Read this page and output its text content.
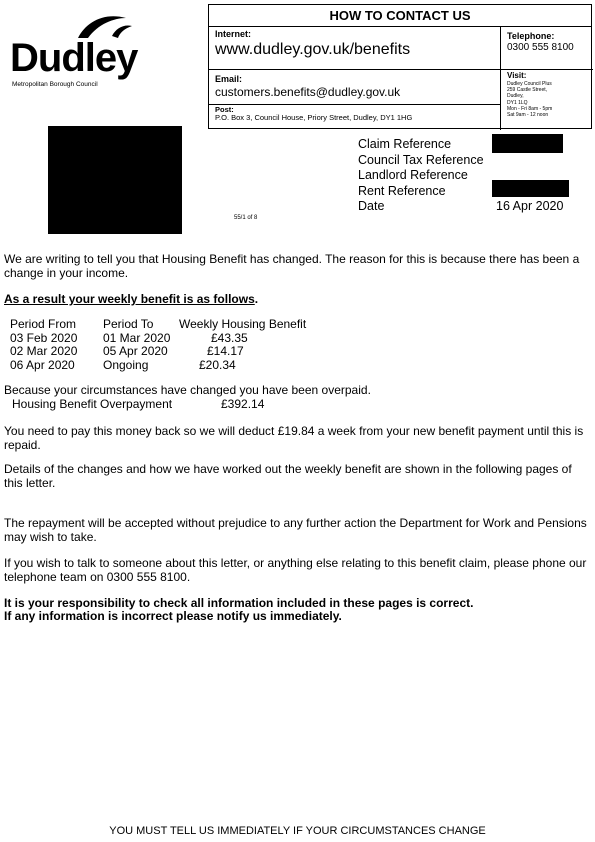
Dudley
Metropolitan Borough Council
HOW TO CONTACT US
Internet:
www.dudley.gov.uk/benefits
Telephone:
0300 555 8100
Email:
customers.benefits@dudley.gov.uk
Post:
P.O. Box 3, Council House, Priory Street, Dudley, DY1 1HG
Visit:
Dudley Council Plus
259 Castle Street,
Dudley,
DY1 1LQ
Mon - Fri 8am - 5pm
Sat 9am - 12 noon
Claim Reference
Council Tax Reference
Landlord Reference
Rent Reference
Date	16 Apr 2020
55/1 of 8
We are writing to tell you that Housing Benefit has changed. The reason for this is because there has been a change in your income.
As a result your weekly benefit is as follows.
Period From	Period To	Weekly Housing Benefit
03 Feb 2020	01 Mar 2020	£43.35
02 Mar 2020	05 Apr 2020	£14.17
06 Apr 2020	Ongoing	£20.34
Because your circumstances have changed you have been overpaid.
Housing Benefit Overpayment	£392.14
You need to pay this money back so we will deduct £19.84 a week from your new benefit payment until this is repaid.
Details of the changes and how we have worked out the weekly benefit are shown in the following pages of this letter.
The repayment will be accepted without prejudice to any further action the Department for Work and Pensions may wish to take.
If you wish to talk to someone about this letter, or anything else relating to this benefit claim, please phone our telephone team on 0300 555 8100.
It is your responsibility to check all information included in these pages is correct.
If any information is incorrect please notify us immediately.
YOU MUST TELL US IMMEDIATELY IF YOUR CIRCUMSTANCES CHANGE
